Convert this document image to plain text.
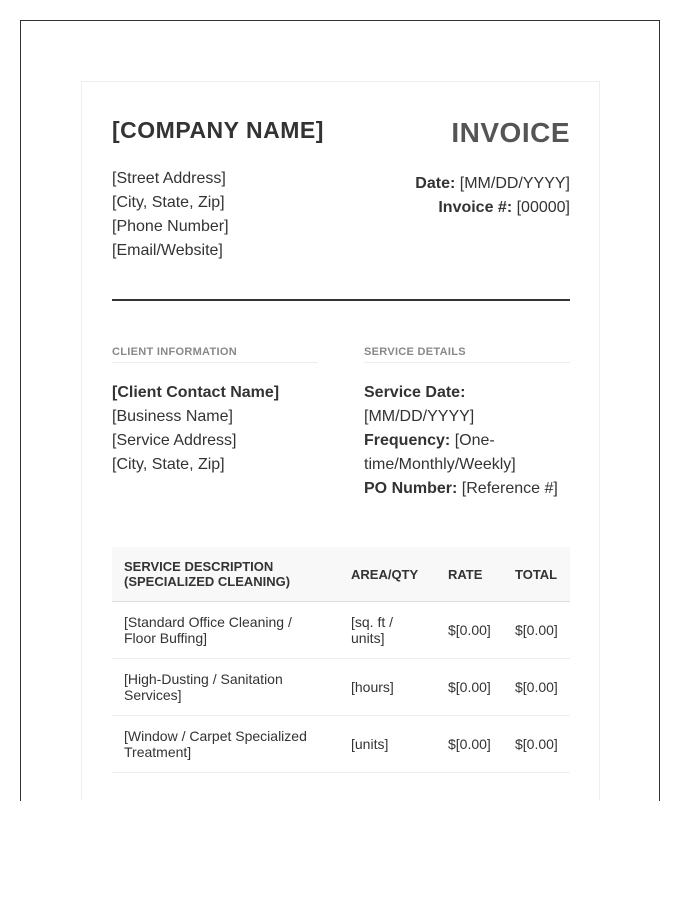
[COMPANY NAME]
[Street Address]
[City, State, Zip]
[Phone Number]
[Email/Website]
INVOICE
Date: [MM/DD/YYYY]
Invoice #: [00000]
CLIENT INFORMATION
[Client Contact Name]
[Business Name]
[Service Address]
[City, State, Zip]
SERVICE DETAILS
Service Date: [MM/DD/YYYY]
Frequency: [One-time/Monthly/Weekly]
PO Number: [Reference #]
SERVICE DESCRIPTION (SPECIALIZED CLEANING)	AREA/QTY	RATE	TOTAL
[Standard Office Cleaning / Floor Buffing]	[sq. ft / units]	$[0.00]	$[0.00]
[High-Dusting / Sanitation Services]	[hours]	$[0.00]	$[0.00]
[Window / Carpet Specialized Treatment]	[units]	$[0.00]	$[0.00]
